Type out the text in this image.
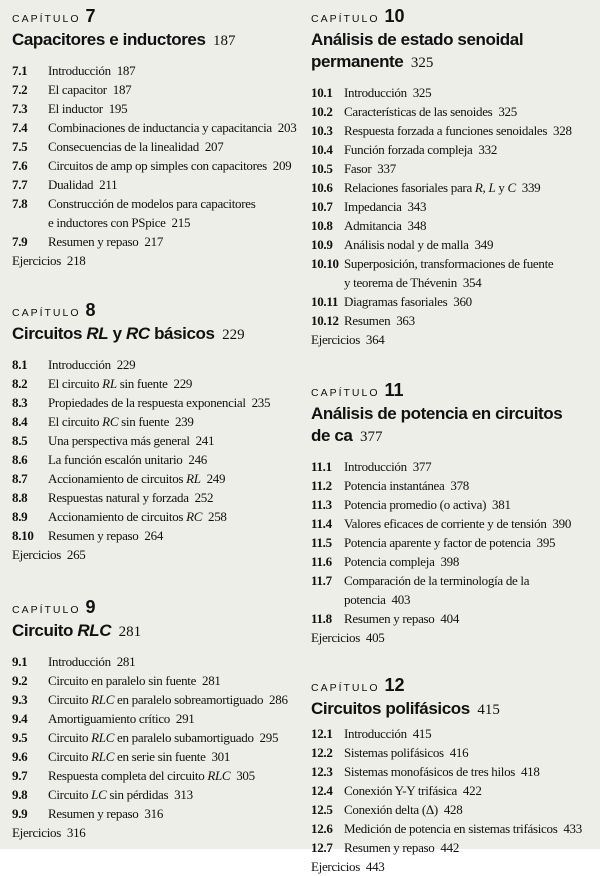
CAPÍTULO 7
Capacitores e inductores  187
7.1	Introducción  187
7.2	El capacitor  187
7.3	El inductor  195
7.4	Combinaciones de inductancia y capacitancia  203
7.5	Consecuencias de la linealidad  207
7.6	Circuitos de amp op simples con capacitores  209
7.7	Dualidad  211
7.8	Construcción de modelos para capacitores
e inductores con PSpice  215
7.9	Resumen y repaso  217
Ejercicios  218
CAPÍTULO 8
Circuitos RL y RC básicos  229
8.1	Introducción  229
8.2	El circuito RL sin fuente  229
8.3	Propiedades de la respuesta exponencial  235
8.4	El circuito RC sin fuente  239
8.5	Una perspectiva más general  241
8.6	La función escalón unitario  246
8.7	Accionamiento de circuitos RL  249
8.8	Respuestas natural y forzada  252
8.9	Accionamiento de circuitos RC  258
8.10	Resumen y repaso  264
Ejercicios  265
CAPÍTULO 9
Circuito RLC  281
9.1	Introducción  281
9.2	Circuito en paralelo sin fuente  281
9.3	Circuito RLC en paralelo sobreamortiguado  286
9.4	Amortiguamiento crítico  291
9.5	Circuito RLC en paralelo subamortiguado  295
9.6	Circuito RLC en serie sin fuente  301
9.7	Respuesta completa del circuito RLC  305
9.8	Circuito LC sin pérdidas  313
9.9	Resumen y repaso  316
Ejercicios  316
CAPÍTULO 10
Análisis de estado senoidal
permanente  325
10.1 Introducción  325
10.2 Características de las senoides  325
10.3 Respuesta forzada a funciones senoidales  328
10.4 Función forzada compleja  332
10.5 Fasor  337
10.6 Relaciones fasoriales para R, L y C  339
10.7 Impedancia  343
10.8 Admitancia  348
10.9 Análisis nodal y de malla  349
10.10 Superposición, transformaciones de fuente
y teorema de Thévenin  354
10.11 Diagramas fasoriales  360
10.12 Resumen  363
Ejercicios  364
CAPÍTULO 11
Análisis de potencia en circuitos
de ca  377
11.1 Introducción  377
11.2 Potencia instantánea  378
11.3 Potencia promedio (o activa)  381
11.4 Valores eficaces de corriente y de tensión  390
11.5 Potencia aparente y factor de potencia  395
11.6 Potencia compleja  398
11.7 Comparación de la terminología de la potencia  403
11.8 Resumen y repaso  404
Ejercicios  405
CAPÍTULO 12
Circuitos polifásicos  415
12.1 Introducción  415
12.2 Sistemas polifásicos  416
12.3 Sistemas monofásicos de tres hilos  418
12.4 Conexión Y-Y trifásica  422
12.5 Conexión delta (Δ)  428
12.6 Medición de potencia en sistemas trifásicos  433
12.7 Resumen y repaso  442
Ejercicios  443
